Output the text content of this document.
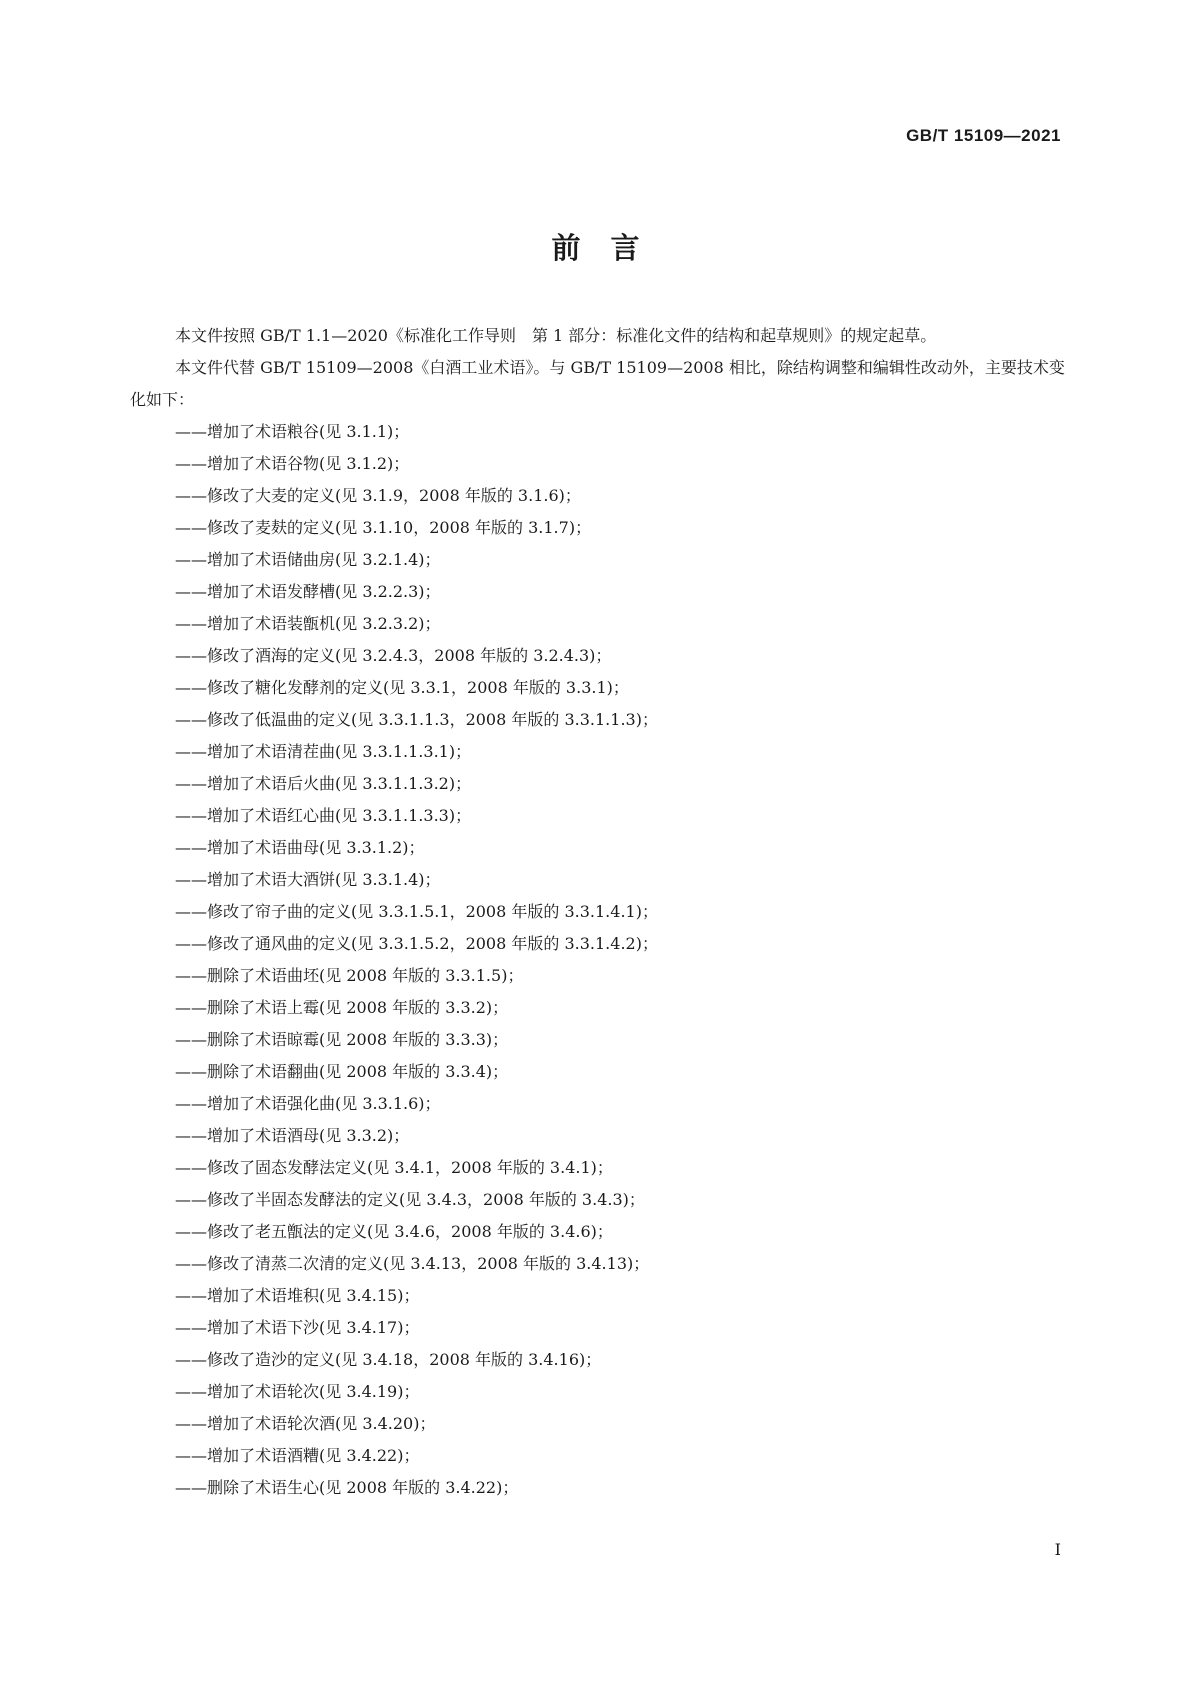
GB/T 15109—2021
前言

本文件按照 GB/T 1.1—2020《标准化工作导则　第 1 部分：标准化文件的结构和起草规则》的规定起草。

本文件代替 GB/T 15109—2008《白酒工业术语》。与 GB/T 15109—2008 相比，除结构调整和编辑性改动外，主要技术变化如下：

——增加了术语粮谷(见 3.1.1)；
——增加了术语谷物(见 3.1.2)；
——修改了大麦的定义(见 3.1.9，2008 年版的 3.1.6)；
——修改了麦麸的定义(见 3.1.10，2008 年版的 3.1.7)；
——增加了术语储曲房(见 3.2.1.4)；
——增加了术语发酵槽(见 3.2.2.3)；
——增加了术语装甑机(见 3.2.3.2)；
——修改了酒海的定义(见 3.2.4.3，2008 年版的 3.2.4.3)；
——修改了糖化发酵剂的定义(见 3.3.1，2008 年版的 3.3.1)；
——修改了低温曲的定义(见 3.3.1.1.3，2008 年版的 3.3.1.1.3)；
——增加了术语清茬曲(见 3.3.1.1.3.1)；
——增加了术语后火曲(见 3.3.1.1.3.2)；
——增加了术语红心曲(见 3.3.1.1.3.3)；
——增加了术语曲母(见 3.3.1.2)；
——增加了术语大酒饼(见 3.3.1.4)；
——修改了帘子曲的定义(见 3.3.1.5.1，2008 年版的 3.3.1.4.1)；
——修改了通风曲的定义(见 3.3.1.5.2，2008 年版的 3.3.1.4.2)；
——删除了术语曲坯(见 2008 年版的 3.3.1.5)；
——删除了术语上霉(见 2008 年版的 3.3.2)；
——删除了术语晾霉(见 2008 年版的 3.3.3)；
——删除了术语翻曲(见 2008 年版的 3.3.4)；
——增加了术语强化曲(见 3.3.1.6)；
——增加了术语酒母(见 3.3.2)；
——修改了固态发酵法定义(见 3.4.1，2008 年版的 3.4.1)；
——修改了半固态发酵法的定义(见 3.4.3，2008 年版的 3.4.3)；
——修改了老五甑法的定义(见 3.4.6，2008 年版的 3.4.6)；
——修改了清蒸二次清的定义(见 3.4.13，2008 年版的 3.4.13)；
——增加了术语堆积(见 3.4.15)；
——增加了术语下沙(见 3.4.17)；
——修改了造沙的定义(见 3.4.18，2008 年版的 3.4.16)；
——增加了术语轮次(见 3.4.19)；
——增加了术语轮次酒(见 3.4.20)；
——增加了术语酒糟(见 3.4.22)；
——删除了术语生心(见 2008 年版的 3.4.22)；
I
